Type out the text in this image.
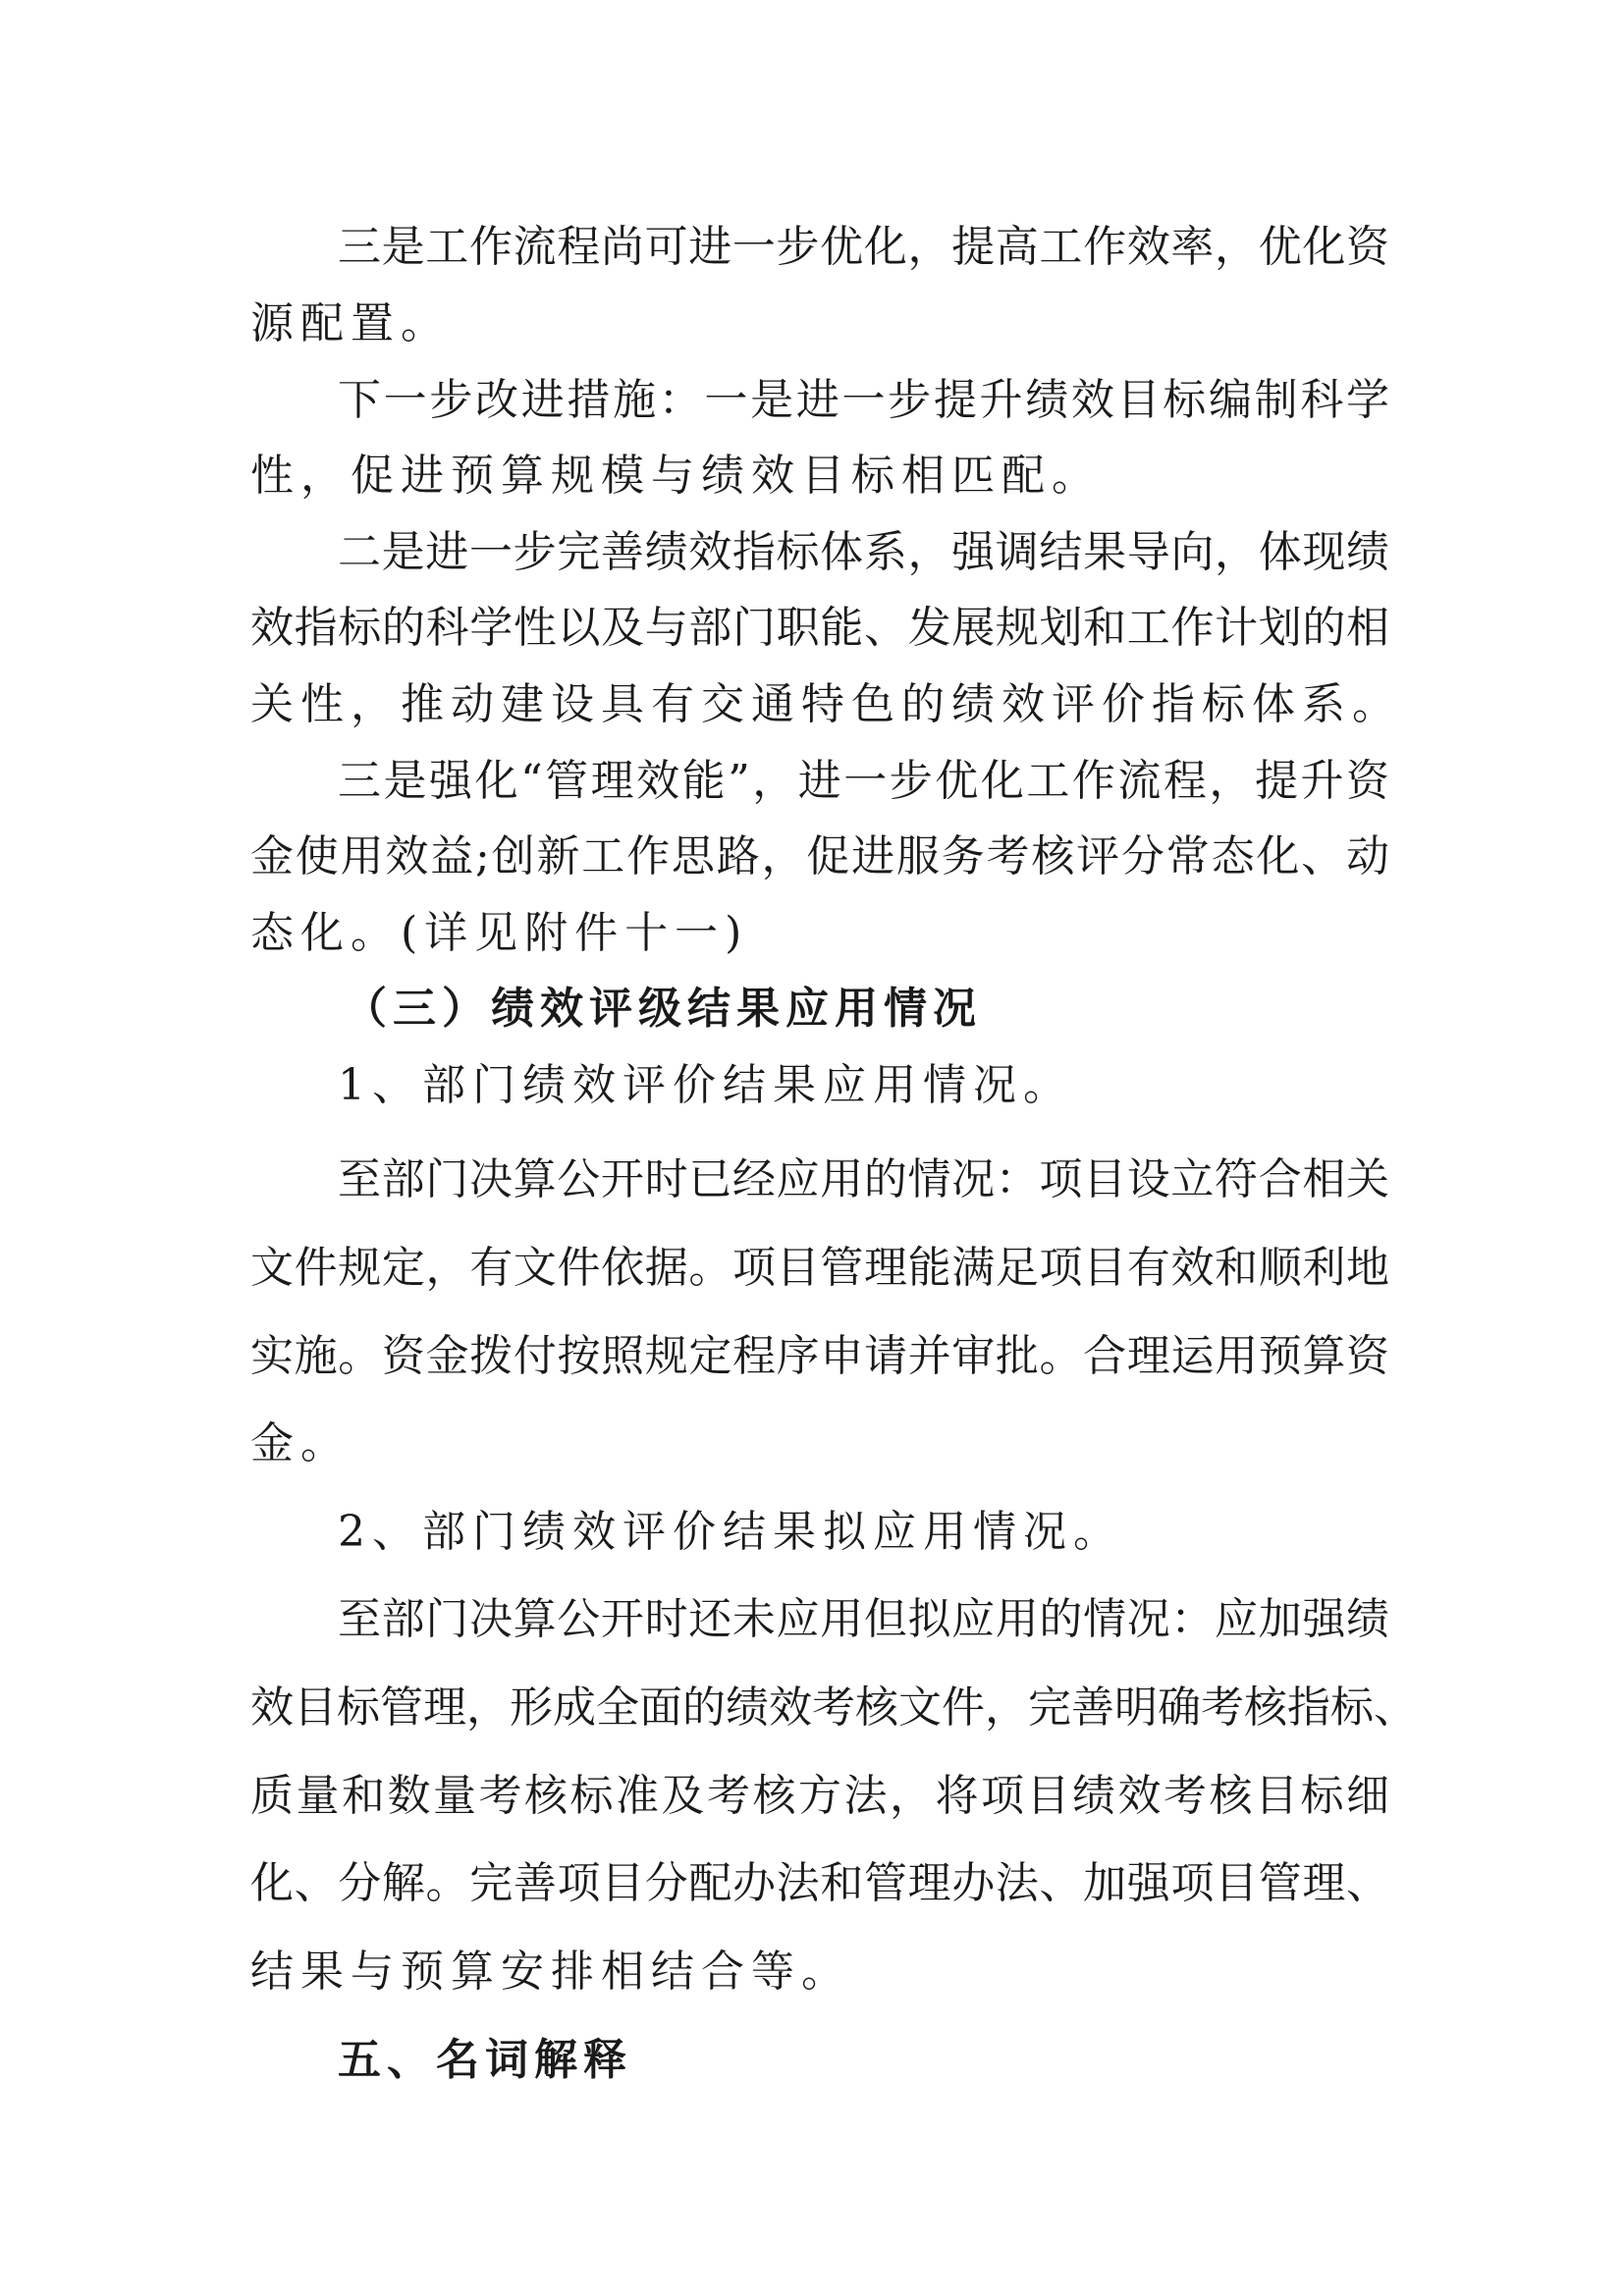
三是工作流程尚可进一步优化，提高工作效率，优化资
源配置。
下一步改进措施：一是进一步提升绩效目标编制科学
性，促进预算规模与绩效目标相匹配。
二是进一步完善绩效指标体系，强调结果导向，体现绩
效指标的科学性以及与部门职能、发展规划和工作计划的相
关性，推动建设具有交通特色的绩效评价指标体系。
三是强化“管理效能”，进一步优化工作流程，提升资
金使用效益;创新工作思路，促进服务考核评分常态化、动
态化。(详见附件十一)
（三）绩效评级结果应用情况
1、部门绩效评价结果应用情况。
至部门决算公开时已经应用的情况：项目设立符合相关
文件规定，有文件依据。项目管理能满足项目有效和顺利地
实施。资金拨付按照规定程序申请并审批。合理运用预算资
金。
2、部门绩效评价结果拟应用情况。
至部门决算公开时还未应用但拟应用的情况：应加强绩
效目标管理，形成全面的绩效考核文件，完善明确考核指标、
质量和数量考核标准及考核方法，将项目绩效考核目标细
化、分解。完善项目分配办法和管理办法、加强项目管理、
结果与预算安排相结合等。
五、名词解释
